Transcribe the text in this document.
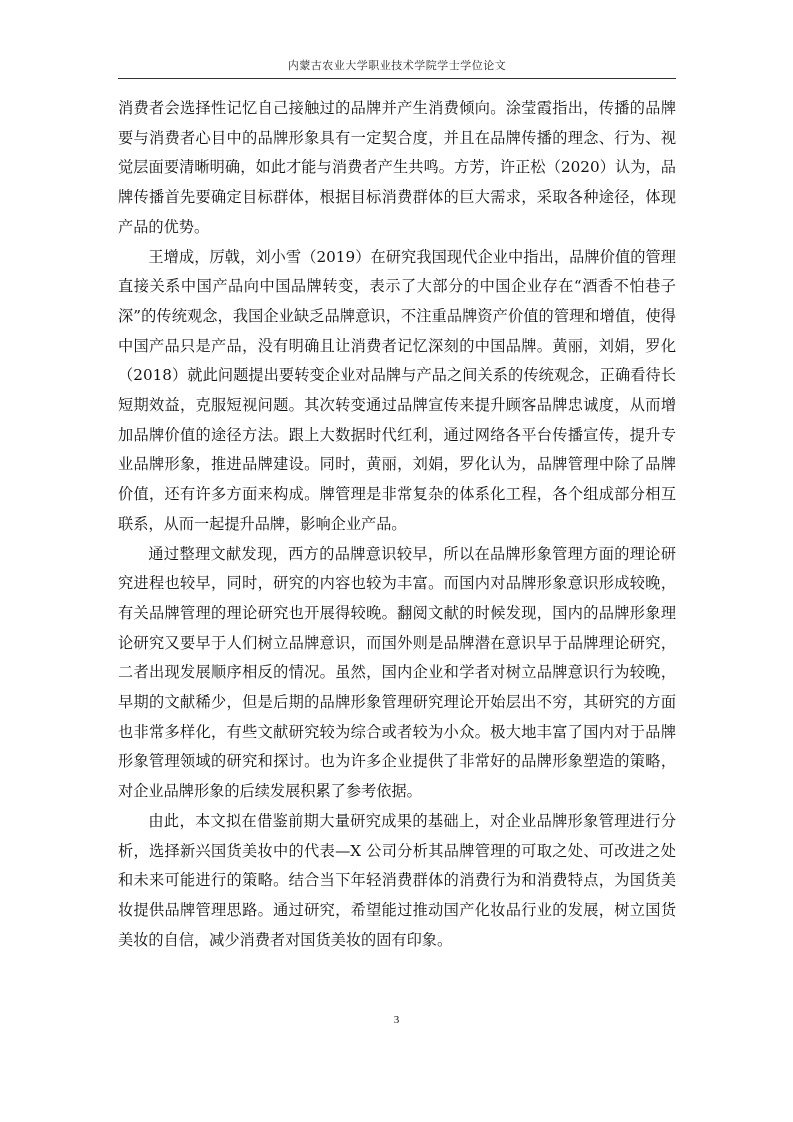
内蒙古农业大学职业技术学院学士学位论文

消费者会选择性记忆自己接触过的品牌并产生消费倾向。涂莹霞指出，传播的品牌要与消费者心目中的品牌形象具有一定契合度，并且在品牌传播的理念、行为、视觉层面要清晰明确，如此才能与消费者产生共鸣。方芳，许正松（2020）认为，品牌传播首先要确定目标群体，根据目标消费群体的巨大需求，采取各种途径，体现产品的优势。

王增成，厉戟，刘小雪（2019）在研究我国现代企业中指出，品牌价值的管理直接关系中国产品向中国品牌转变，表示了大部分的中国企业存在“酒香不怕巷子深”的传统观念，我国企业缺乏品牌意识，不注重品牌资产价值的管理和增值，使得中国产品只是产品，没有明确且让消费者记忆深刻的中国品牌。黄丽，刘娟，罗化（2018）就此问题提出要转变企业对品牌与产品之间关系的传统观念，正确看待长短期效益，克服短视问题。其次转变通过品牌宣传来提升顾客品牌忠诚度，从而增加品牌价值的途径方法。跟上大数据时代红利，通过网络各平台传播宣传，提升专业品牌形象，推进品牌建设。同时，黄丽，刘娟，罗化认为，品牌管理中除了品牌价值，还有许多方面来构成。牌管理是非常复杂的体系化工程，各个组成部分相互联系，从而一起提升品牌，影响企业产品。

通过整理文献发现，西方的品牌意识较早，所以在品牌形象管理方面的理论研究进程也较早，同时，研究的内容也较为丰富。而国内对品牌形象意识形成较晚，有关品牌管理的理论研究也开展得较晚。翻阅文献的时候发现，国内的品牌形象理论研究又要早于人们树立品牌意识，而国外则是品牌潜在意识早于品牌理论研究，二者出现发展顺序相反的情况。虽然，国内企业和学者对树立品牌意识行为较晚，早期的文献稀少，但是后期的品牌形象管理研究理论开始层出不穷，其研究的方面也非常多样化，有些文献研究较为综合或者较为小众。极大地丰富了国内对于品牌形象管理领域的研究和探讨。也为许多企业提供了非常好的品牌形象塑造的策略，对企业品牌形象的后续发展积累了参考依据。

由此，本文拟在借鉴前期大量研究成果的基础上，对企业品牌形象管理进行分析，选择新兴国货美妆中的代表—X 公司分析其品牌管理的可取之处、可改进之处和未来可能进行的策略。结合当下年轻消费群体的消费行为和消费特点，为国货美妆提供品牌管理思路。通过研究，希望能过推动国产化妆品行业的发展，树立国货美妆的自信，减少消费者对国货美妆的固有印象。

3
